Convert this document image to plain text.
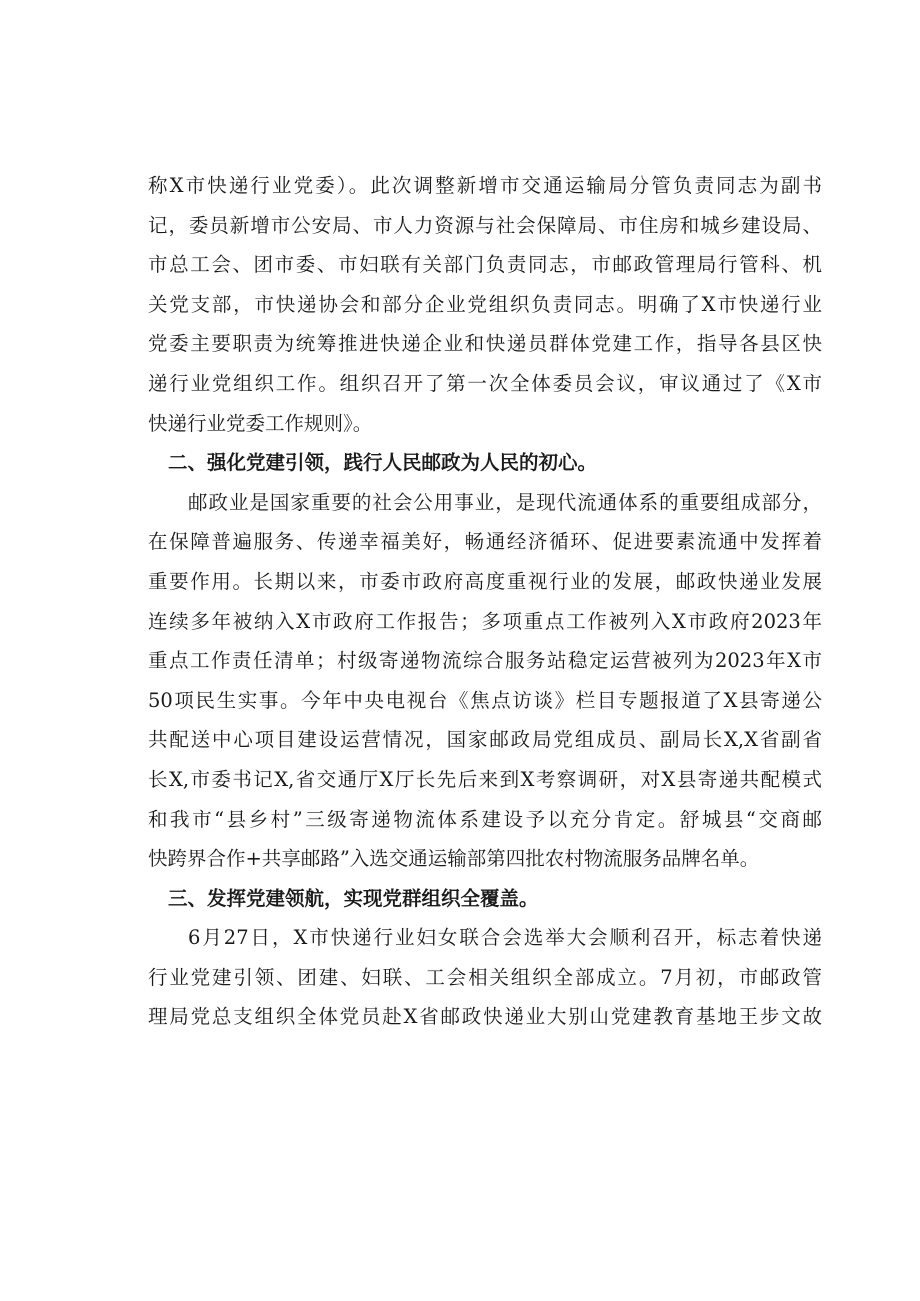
称X市快递行业党委）。此次调整新增市交通运输局分管负责同志为副书
记，委员新增市公安局、市人力资源与社会保障局、市住房和城乡建设局、
市总工会、团市委、市妇联有关部门负责同志，市邮政管理局行管科、机
关党支部，市快递协会和部分企业党组织负责同志。明确了X市快递行业
党委主要职责为统筹推进快递企业和快递员群体党建工作，指导各县区快
递行业党组织工作。组织召开了第一次全体委员会议，审议通过了《X市
快递行业党委工作规则》。
二、强化党建引领，践行人民邮政为人民的初心。
邮政业是国家重要的社会公用事业，是现代流通体系的重要组成部分，
在保障普遍服务、传递幸福美好，畅通经济循环、促进要素流通中发挥着
重要作用。长期以来，市委市政府高度重视行业的发展，邮政快递业发展
连续多年被纳入X市政府工作报告；多项重点工作被列入X市政府2023年
重点工作责任清单；村级寄递物流综合服务站稳定运营被列为2023年X市
50项民生实事。今年中央电视台《焦点访谈》栏目专题报道了X县寄递公
共配送中心项目建设运营情况，国家邮政局党组成员、副局长X,X省副省
长X,市委书记X,省交通厅X厅长先后来到X考察调研，对X县寄递共配模式
和我市“县乡村”三级寄递物流体系建设予以充分肯定。舒城县“交商邮
快跨界合作+共享邮路”入选交通运输部第四批农村物流服务品牌名单。
三、发挥党建领航，实现党群组织全覆盖。
6月27日，X市快递行业妇女联合会选举大会顺利召开，标志着快递
行业党建引领、团建、妇联、工会相关组织全部成立。7月初，市邮政管
理局党总支组织全体党员赴X省邮政快递业大别山党建教育基地王步文故
